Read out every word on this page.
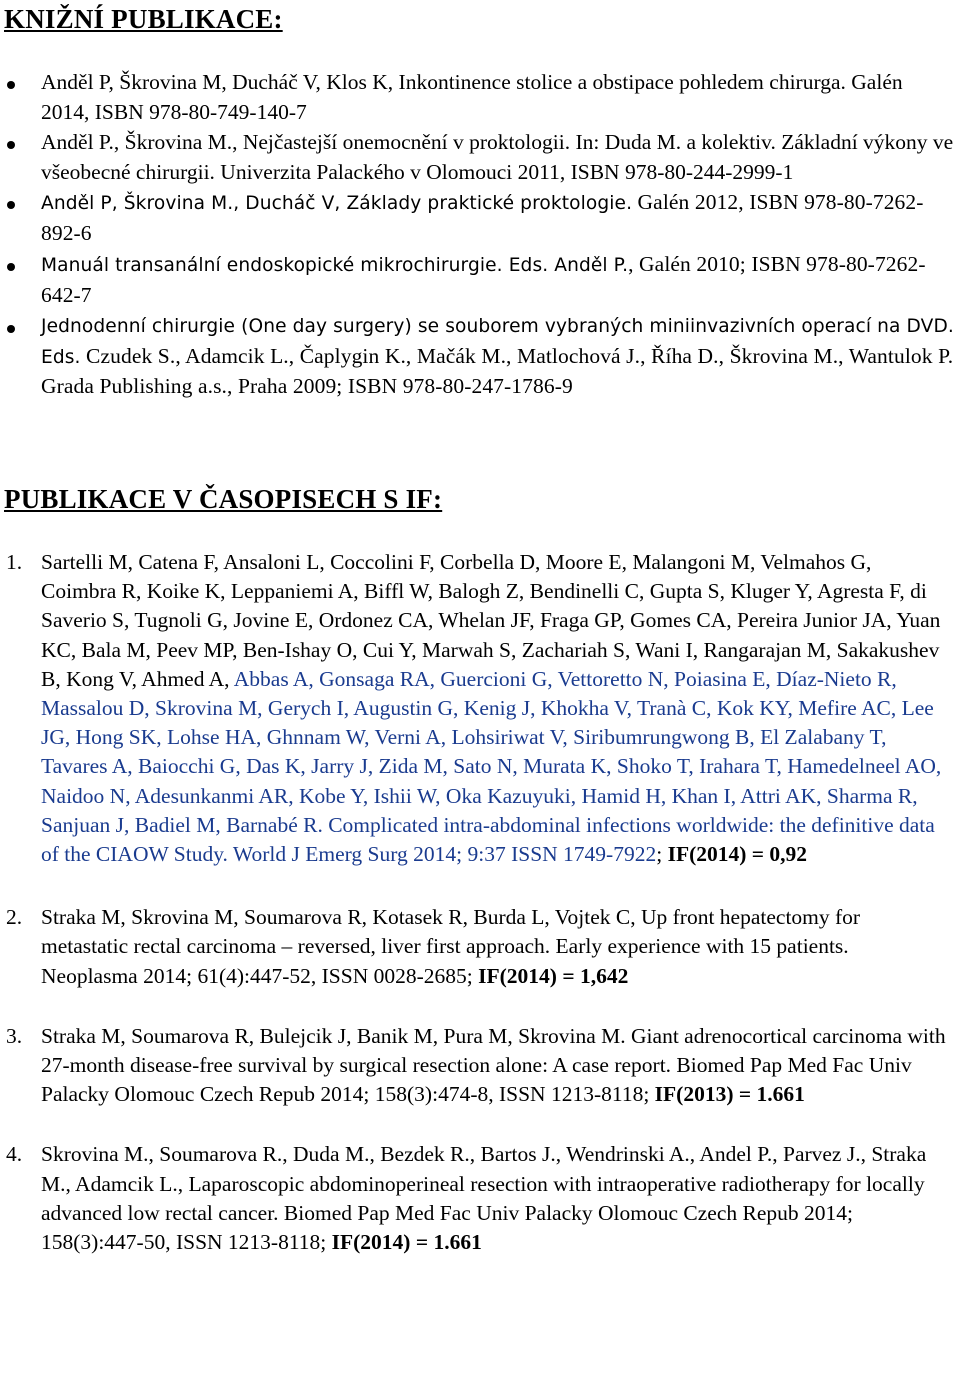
KNIŽNÍ PUBLIKACE:
Anděl P, Škrovina M, Ducháč V, Klos K, Inkontinence stolice a obstipace pohledem chirurga. Galén 2014, ISBN 978-80-749-140-7
Anděl P., Škrovina M., Nejčastejší onemocnění v proktologii. In: Duda M. a kolektiv. Základní výkony ve všeobecné chirurgii. Univerzita Palackého v Olomouci 2011, ISBN 978-80-244-2999-1
Anděl P, Škrovina M., Ducháč V, Základy praktické proktologie. Galén 2012, ISBN 978-80-7262-892-6
Manuál transanální endoskopické mikrochirurgie. Eds. Anděl P., Galén 2010; ISBN 978-80-7262-642-7
Jednodenní chirurgie (One day surgery) se souborem vybraných miniinvazivních operací na DVD. Eds. Czudek S., Adamcik L., Čaplygin K., Mačák M., Matlochová J., Říha D., Škrovina M., Wantulok P. Grada Publishing a.s., Praha 2009; ISBN 978-80-247-1786-9
PUBLIKACE V ČASOPISECH S IF:
1. Sartelli M, Catena F, Ansaloni L, Coccolini F, Corbella D, Moore E, Malangoni M, Velmahos G, Coimbra R, Koike K, Leppaniemi A, Biffl W, Balogh Z, Bendinelli C, Gupta S, Kluger Y, Agresta F, di Saverio S, Tugnoli G, Jovine E, Ordonez CA, Whelan JF, Fraga GP, Gomes CA, Pereira Junior JA, Yuan KC, Bala M, Peev MP, Ben-Ishay O, Cui Y, Marwah S, Zachariah S, Wani I, Rangarajan M, Sakakushev B, Kong V, Ahmed A, Abbas A, Gonsaga RA, Guercioni G, Vettoretto N, Poiasina E, Díaz-Nieto R, Massalou D, Skrovina M, Gerych I, Augustin G, Kenig J, Khokha V, Tranà C, Kok KY, Mefire AC, Lee JG, Hong SK, Lohse HA, Ghnnam W, Verni A, Lohsiriwat V, Siribumrungwong B, El Zalabany T, Tavares A, Baiocchi G, Das K, Jarry J, Zida M, Sato N, Murata K, Shoko T, Irahara T, Hamedelneel AO, Naidoo N, Adesunkanmi AR, Kobe Y, Ishii W, Oka Kazuyuki, Hamid H, Khan I, Attri AK, Sharma R, Sanjuan J, Badiel M, Barnabé R. Complicated intra-abdominal infections worldwide: the definitive data of the CIAOW Study. World J Emerg Surg 2014; 9:37 ISSN 1749-7922; IF(2014) = 0,92
2. Straka M, Skrovina M, Soumarova R, Kotasek R, Burda L, Vojtek C, Up front hepatectomy for metastatic rectal carcinoma – reversed, liver first approach. Early experience with 15 patients. Neoplasma 2014; 61(4):447-52, ISSN 0028-2685; IF(2014) = 1,642
3. Straka M, Soumarova R, Bulejcik J, Banik M, Pura M, Skrovina M. Giant adrenocortical carcinoma with 27-month disease-free survival by surgical resection alone: A case report. Biomed Pap Med Fac Univ Palacky Olomouc Czech Repub 2014; 158(3):474-8, ISSN 1213-8118; IF(2013) = 1.661
4. Skrovina M., Soumarova R., Duda M., Bezdek R., Bartos J., Wendrinski A., Andel P., Parvez J., Straka M., Adamcik L., Laparoscopic abdominoperineal resection with intraoperative radiotherapy for locally advanced low rectal cancer. Biomed Pap Med Fac Univ Palacky Olomouc Czech Repub 2014; 158(3):447-50, ISSN 1213-8118; IF(2014) = 1.661
